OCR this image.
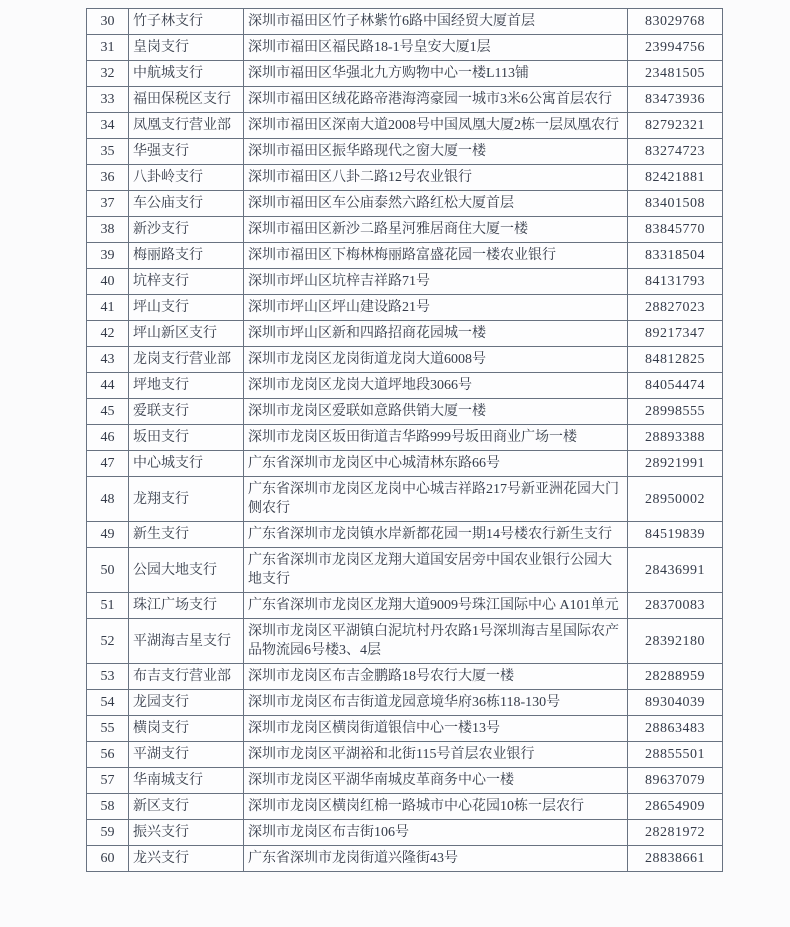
30	竹子林支行	深圳市福田区竹子林紫竹6路中国经贸大厦首层	83029768
31	皇岗支行	深圳市福田区福民路18-1号皇安大厦1层	23994756
32	中航城支行	深圳市福田区华强北九方购物中心一楼L113铺	23481505
33	福田保税区支行	深圳市福田区绒花路帝港海湾豪园一城市3米6公寓首层农行	83473936
34	凤凰支行营业部	深圳市福田区深南大道2008号中国凤凰大厦2栋一层凤凰农行	82792321
35	华强支行	深圳市福田区振华路现代之窗大厦一楼	83274723
36	八卦岭支行	深圳市福田区八卦二路12号农业银行	82421881
37	车公庙支行	深圳市福田区车公庙泰然六路红松大厦首层	83401508
38	新沙支行	深圳市福田区新沙二路星河雅居商住大厦一楼	83845770
39	梅丽路支行	深圳市福田区下梅林梅丽路富盛花园一楼农业银行	83318504
40	坑梓支行	深圳市坪山区坑梓吉祥路71号	84131793
41	坪山支行	深圳市坪山区坪山建设路21号	28827023
42	坪山新区支行	深圳市坪山区新和四路招商花园城一楼	89217347
43	龙岗支行营业部	深圳市龙岗区龙岗街道龙岗大道6008号	84812825
44	坪地支行	深圳市龙岗区龙岗大道坪地段3066号	84054474
45	爱联支行	深圳市龙岗区爱联如意路供销大厦一楼	28998555
46	坂田支行	深圳市龙岗区坂田街道吉华路999号坂田商业广场一楼	28893388
47	中心城支行	广东省深圳市龙岗区中心城清林东路66号	28921991
48	龙翔支行	广东省深圳市龙岗区龙岗中心城吉祥路217号新亚洲花园大门侧农行	28950002
49	新生支行	广东省深圳市龙岗镇水岸新都花园一期14号楼农行新生支行	84519839
50	公园大地支行	广东省深圳市龙岗区龙翔大道国安居旁中国农业银行公园大地支行	28436991
51	珠江广场支行	广东省深圳市龙岗区龙翔大道9009号珠江国际中心 A101单元	28370083
52	平湖海吉星支行	深圳市龙岗区平湖镇白泥坑村丹农路1号深圳海吉星国际农产品物流园6号楼3、4层	28392180
53	布吉支行营业部	深圳市龙岗区布吉金鹏路18号农行大厦一楼	28288959
54	龙园支行	深圳市龙岗区布吉街道龙园意境华府36栋118-130号	89304039
55	横岗支行	深圳市龙岗区横岗街道银信中心一楼13号	28863483
56	平湖支行	深圳市龙岗区平湖裕和北街115号首层农业银行	28855501
57	华南城支行	深圳市龙岗区平湖华南城皮革商务中心一楼	89637079
58	新区支行	深圳市龙岗区横岗红棉一路城市中心花园10栋一层农行	28654909
59	振兴支行	深圳市龙岗区布吉街106号	28281972
60	龙兴支行	广东省深圳市龙岗街道兴隆街43号	28838661
